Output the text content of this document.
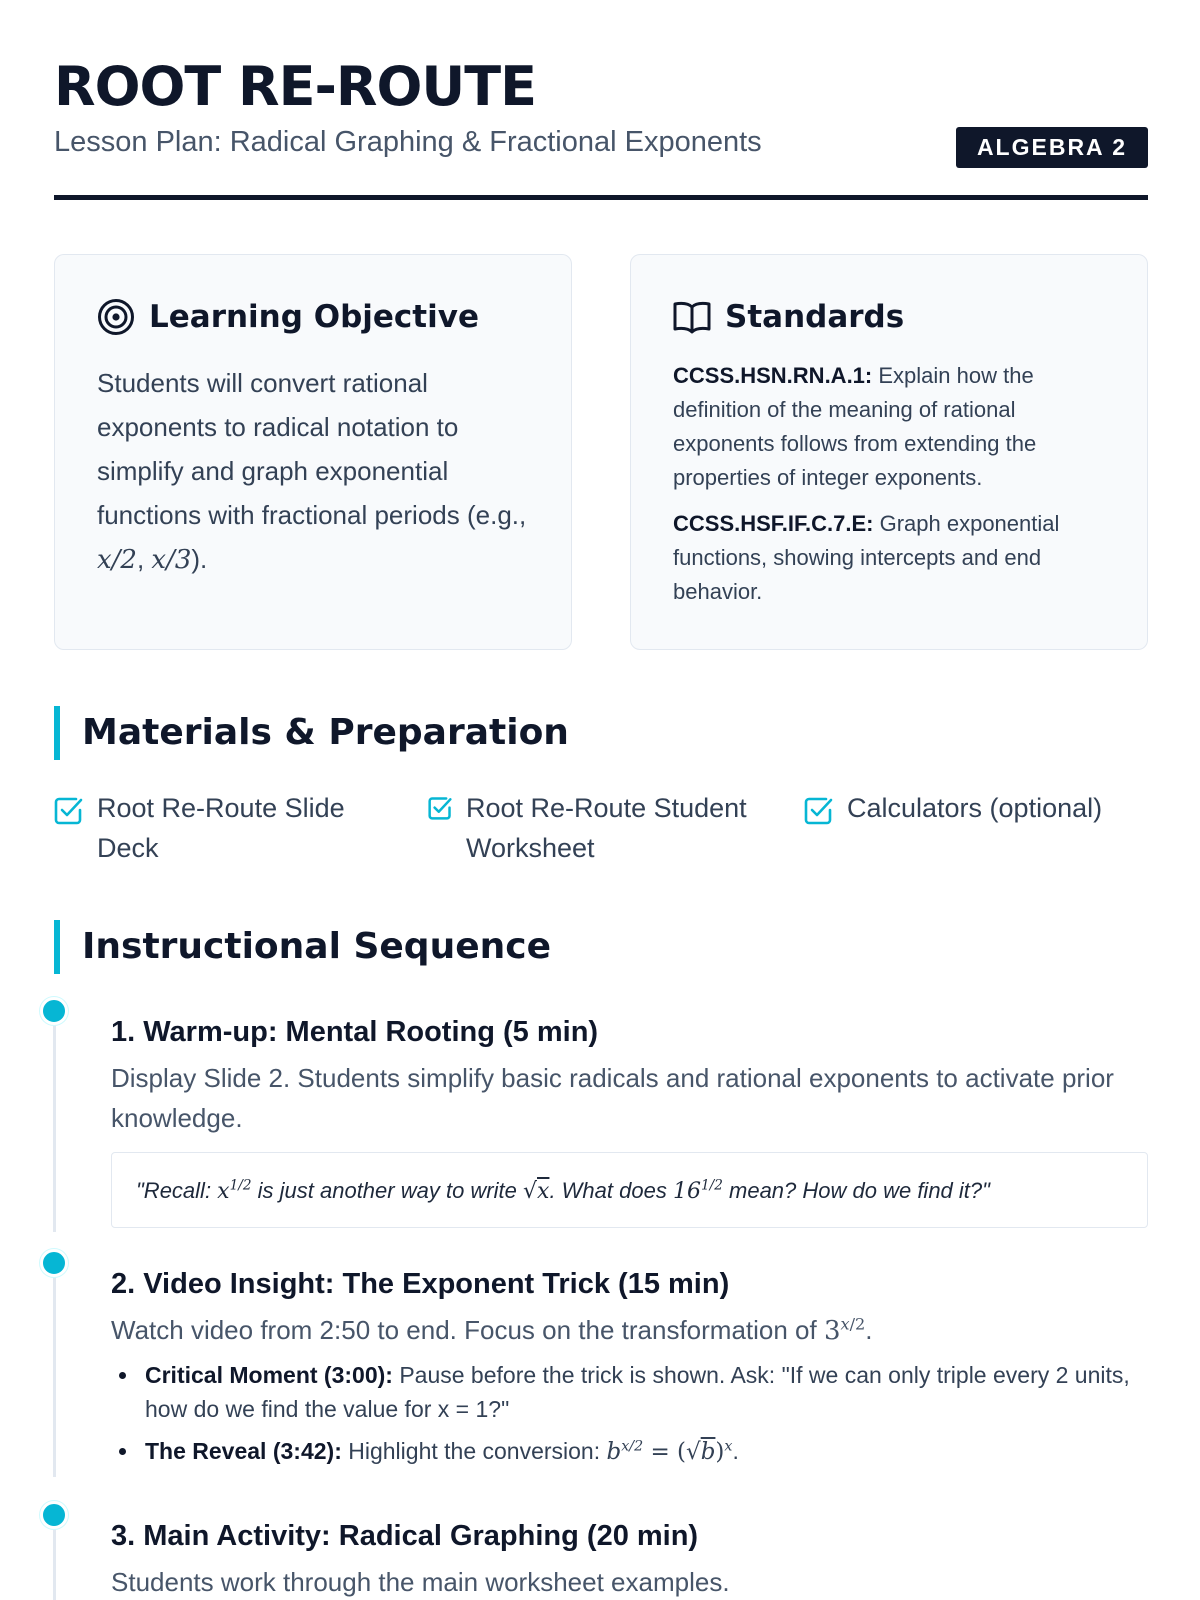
ROOT RE-ROUTE
Lesson Plan: Radical Graphing & Fractional Exponents	ALGEBRA 2
Learning Objective
Students will convert rational exponents to radical notation to simplify and graph exponential functions with fractional periods (e.g., x/2, x/3).
Standards
CCSS.HSN.RN.A.1: Explain how the definition of the meaning of rational exponents follows from extending the properties of integer exponents.
CCSS.HSF.IF.C.7.E: Graph exponential functions, showing intercepts and end behavior.
Materials & Preparation
Root Re-Route Slide Deck
Root Re-Route Student Worksheet
Calculators (optional)
Instructional Sequence
1. Warm-up: Mental Rooting (5 min)
Display Slide 2. Students simplify basic radicals and rational exponents to activate prior knowledge.
"Recall: $x^{1/2}$ is just another way to write √x. What does $16^{1/2}$ mean? How do we find it?"
2. Video Insight: The Exponent Trick (15 min)
Watch video from 2:50 to end. Focus on the transformation of $3^{x/2}$.
Critical Moment (3:00): Pause before the trick is shown. Ask: "If we can only triple every 2 units, how do we find the value for x = 1?"
The Reveal (3:42): Highlight the conversion: $b^{x/2} = (√b)^x$.
3. Main Activity: Radical Graphing (20 min)
Students work through the main worksheet examples.
